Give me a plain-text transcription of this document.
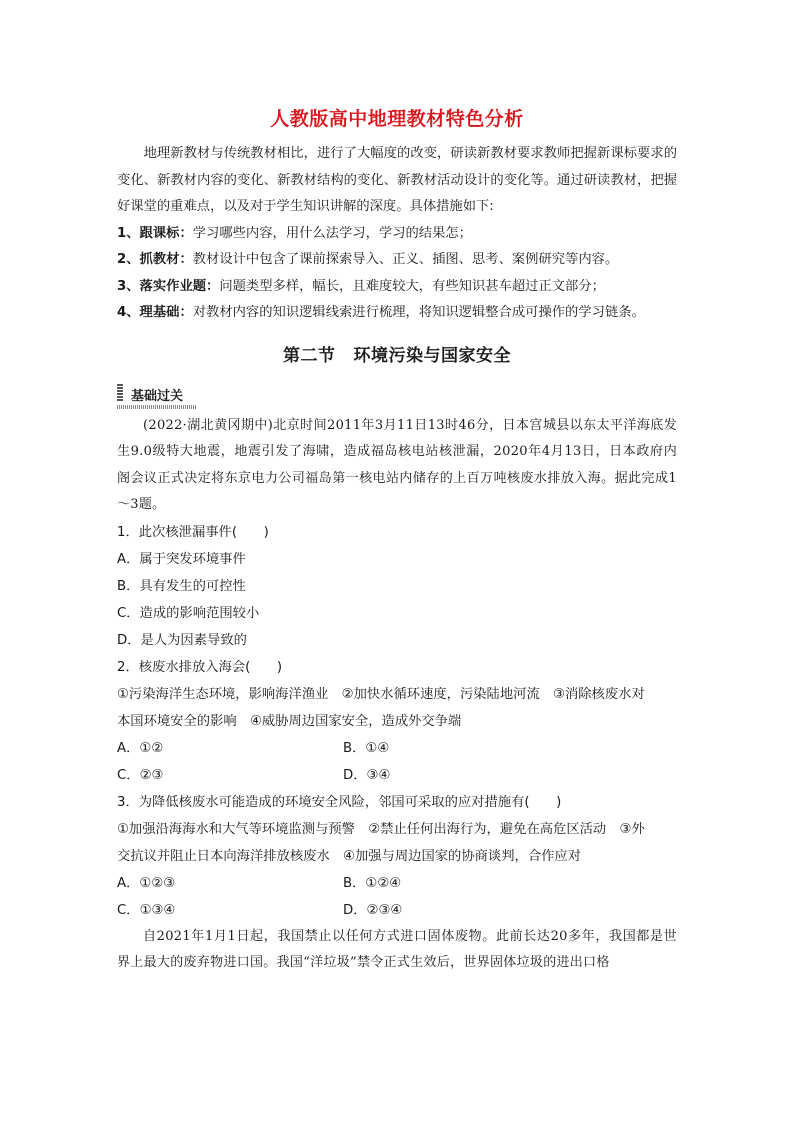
人教版高中地理教材特色分析

地理新教材与传统教材相比，进行了大幅度的改变，研读新教材要求教师把握新课标要求的变化、新教材内容的变化、新教材结构的变化、新教材活动设计的变化等。通过研读教材，把握好课堂的重难点，以及对于学生知识讲解的深度。具体措施如下:

1、跟课标：学习哪些内容，用什么法学习，学习的结果怎；

2、抓教材：教材设计中包含了课前探索导入、正义、插图、思考、案例研究等内容。

3、落实作业题：问题类型多样，幅长，且难度较大，有些知识甚车超过正文部分；

4、理基础：对教材内容的知识逻辑线索进行梳理，将知识逻辑整合成可操作的学习链条。

第二节 环境污染与国家安全
基础过关

(2022·湖北黄冈期中)北京时间2011年3月11日13时46分，日本宫城县以东太平洋海底发生9.0级特大地震，地震引发了海啸，造成福岛核电站核泄漏，2020年4月13日，日本政府内阁会议正式决定将东京电力公司福岛第一核电站内储存的上百万吨核废水排放入海。据此完成1～3题。

1．此次核泄漏事件(　　)

A．属于突发环境事件

B．具有发生的可控性

C．造成的影响范围较小

D．是人为因素导致的

2．核废水排放入海会(　　)

①污染海洋生态环境，影响海洋渔业　②加快水循环速度，污染陆地河流　③消除核废水对

本国环境安全的影响　④威胁周边国家安全，造成外交争端

A．①②	B．①④
C．②③	D．③④

3．为降低核废水可能造成的环境安全风险，邻国可采取的应对措施有(　　)

①加强沿海海水和大气等环境监测与预警　②禁止任何出海行为，避免在高危区活动　③外

交抗议并阻止日本向海洋排放核废水　④加强与周边国家的协商谈判，合作应对

A．①②③	B．①②④
C．①③④	D．②③④

自2021年1月1日起，我国禁止以任何方式进口固体废物。此前长达20多年，我国都是世界上最大的废弃物进口国。我国“洋垃圾”禁令正式生效后，世界固体垃圾的进出口格
